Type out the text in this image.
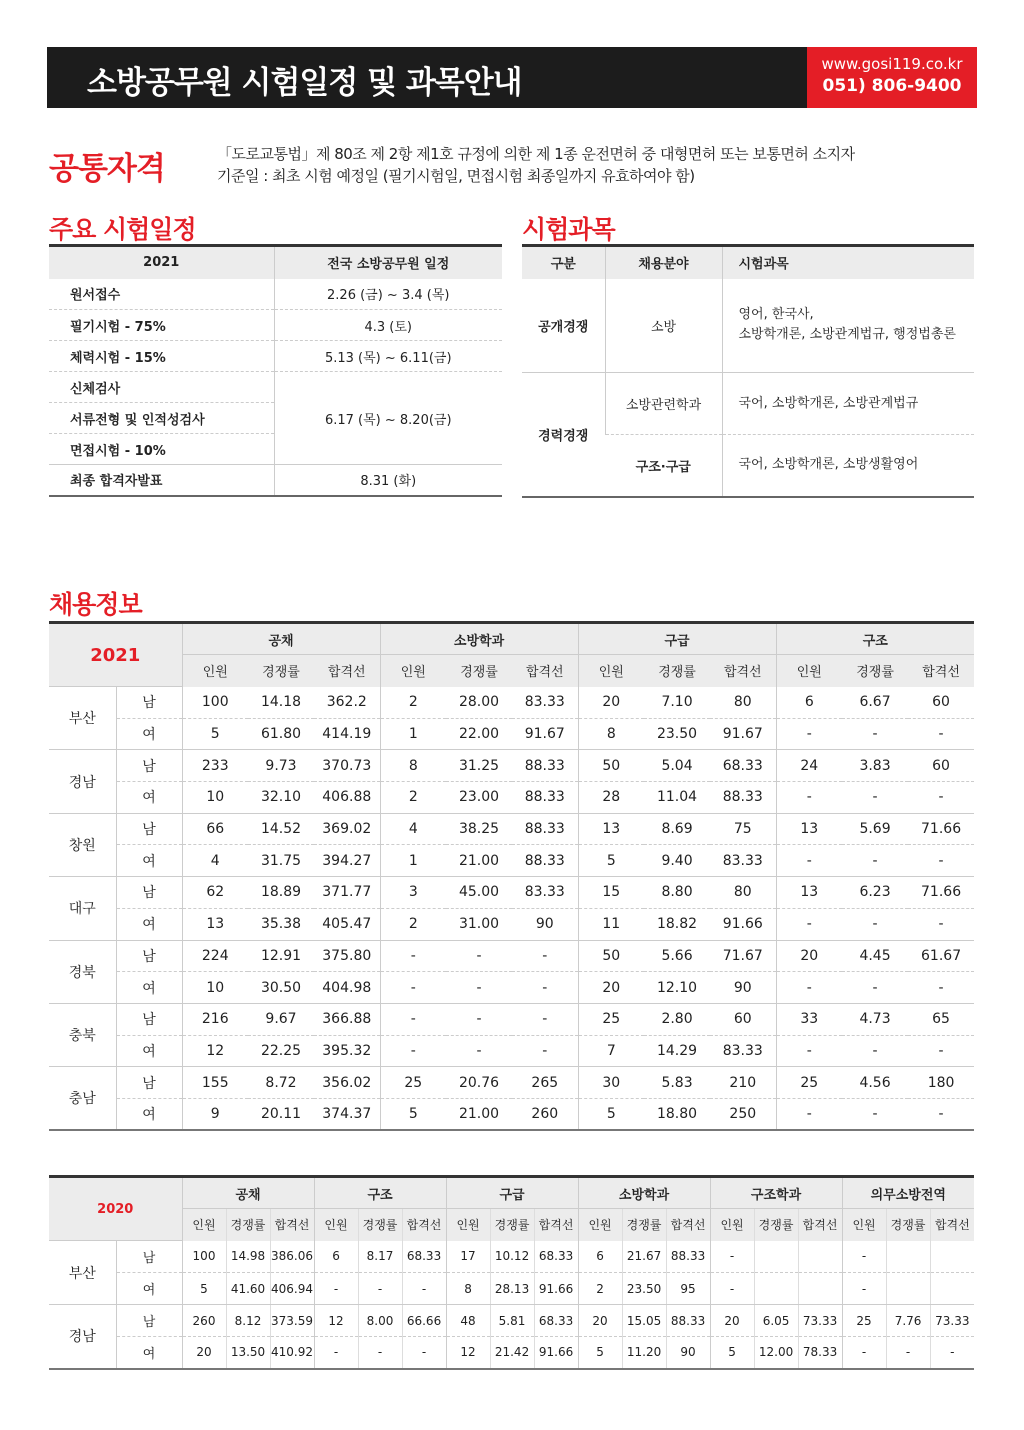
소방공무원 시험일정 및 과목안내
www.gosi119.co.kr
051) 806-9400
공통자격	「도로교통법」제 80조 제 2항 제1호 규정에 의한 제 1종 운전면허 중 대형면허 또는 보통면허 소지자
기준일 : 최초 시험 예정일 (필기시험일, 면접시험 최종일까지 유효하여야 함)
주요 시험일정
2021	전국 소방공무원 일정
원서접수	2.26 (금) ~ 3.4 (목)
필기시험 - 75%	4.3 (토)
체력시험 - 15%	5.13 (목) ~ 6.11(금)
신체검사	6.17 (목) ~ 8.20(금)
서류전형 및 인적성검사	
면접시험 - 10%	
최종 합격자발표	8.31 (화)
시험과목
구분	채용분야	시험과목
공개경쟁	소방	영어, 한국사,
소방학개론, 소방관계법규, 행정법총론

경력경쟁	소방관련학과	국어, 소방학개론, 소방관계법규
	구조·구급	국어, 소방학개론, 소방생활영어
채용정보
2021		공채			소방학과			구급			구조		
		인원	경쟁률	합격선	인원	경쟁률	합격선	인원	경쟁률	합격선	인원	경쟁률	합격선
부산	남	100	14.18	362.2	2	28.00	83.33	20	7.10	80	6	6.67	60
	여	5	61.80	414.19	1	22.00	91.67	8	23.50	91.67	-	-	-
경남	남	233	9.73	370.73	8	31.25	88.33	50	5.04	68.33	24	3.83	60
	여	10	32.10	406.88	2	23.00	88.33	28	11.04	88.33	-	-	-
창원	남	66	14.52	369.02	4	38.25	88.33	13	8.69	75	13	5.69	71.66
	여	4	31.75	394.27	1	21.00	88.33	5	9.40	83.33	-	-	-
대구	남	62	18.89	371.77	3	45.00	83.33	15	8.80	80	13	6.23	71.66
	여	13	35.38	405.47	2	31.00	90	11	18.82	91.66	-	-	-
경북	남	224	12.91	375.80	-	-	-	50	5.66	71.67	20	4.45	61.67
	여	10	30.50	404.98	-	-	-	20	12.10	90	-	-	-
충북	남	216	9.67	366.88	-	-	-	25	2.80	60	33	4.73	65
	여	12	22.25	395.32	-	-	-	7	14.29	83.33	-	-	-
충남	남	155	8.72	356.02	25	20.76	265	30	5.83	210	25	4.56	180
	여	9	20.11	374.37	5	21.00	260	5	18.80	250	-	-	-
2020		공채			구조			구급			소방학과			구조학과			의무소방전역		
		인원	경쟁률	합격선	인원	경쟁률	합격선	인원	경쟁률	합격선	인원	경쟁률	합격선	인원	경쟁률	합격선	인원	경쟁률	합격선
부산	남	100	14.98	386.06	6	8.17	68.33	17	10.12	68.33	6	21.67	88.33	-			-		
	여	5	41.60	406.94	-	-	-	8	28.13	91.66	2	23.50	95	-			-		
경남	남	260	8.12	373.59	12	8.00	66.66	48	5.81	68.33	20	15.05	88.33	20	6.05	73.33	25	7.76	73.33
	여	20	13.50	410.92	-	-	-	12	21.42	91.66	5	11.20	90	5	12.00	78.33	-	-	-
